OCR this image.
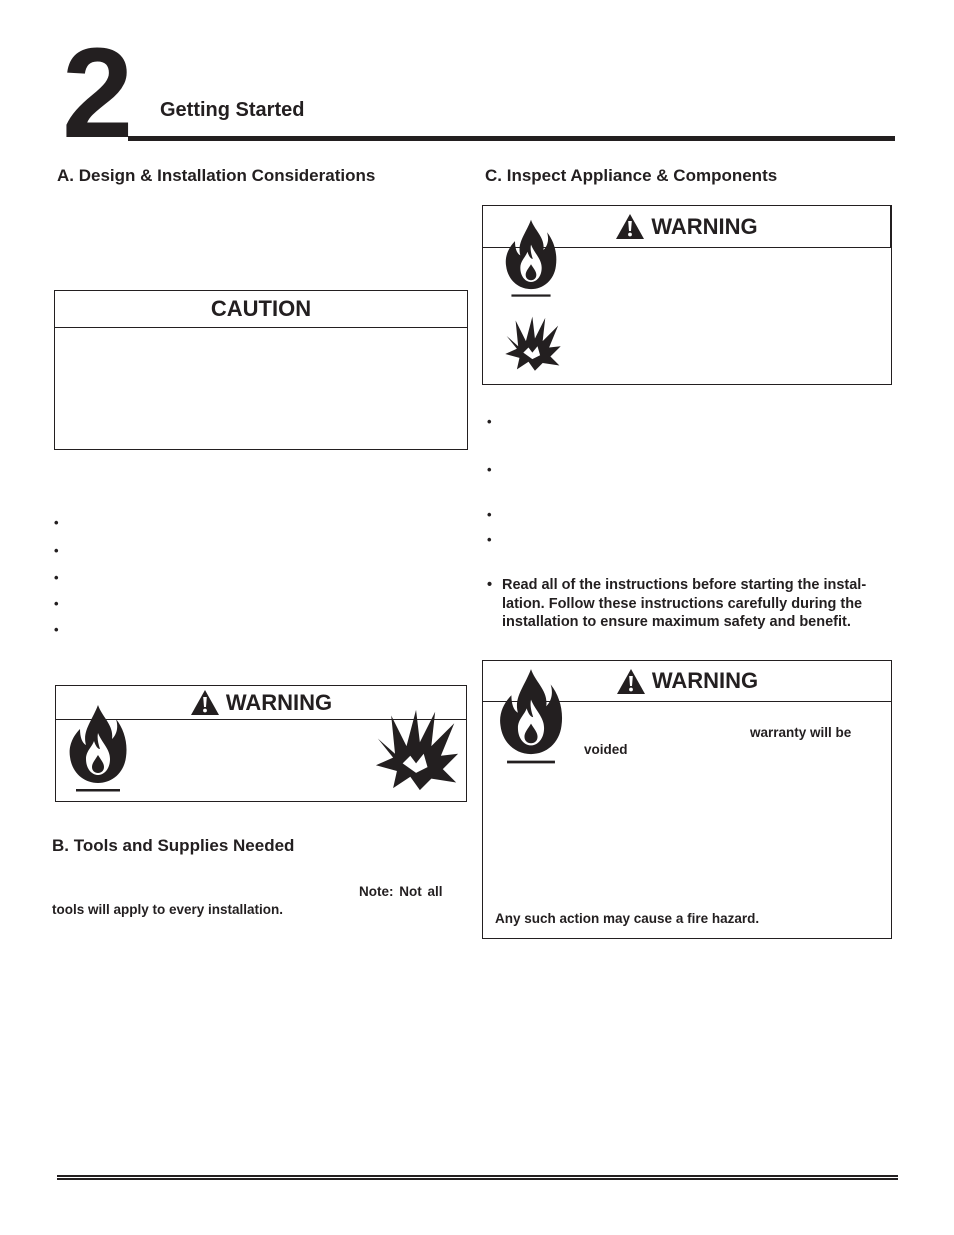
2 Getting Started
A. Design & Installation Considerations
CAUTION
•
•
•
•
•
WARNING
B. Tools and Supplies Needed
Note: Not all
tools will apply to every installation.
C. Inspect Appliance & Components
WARNING
•
•
•
•
• Read all of the instructions before starting the instal-
lation. Follow these instructions carefully during the
installation to ensure maximum safety and benefit.
WARNING
warranty will be
voided
Any such action may cause a fire hazard.
